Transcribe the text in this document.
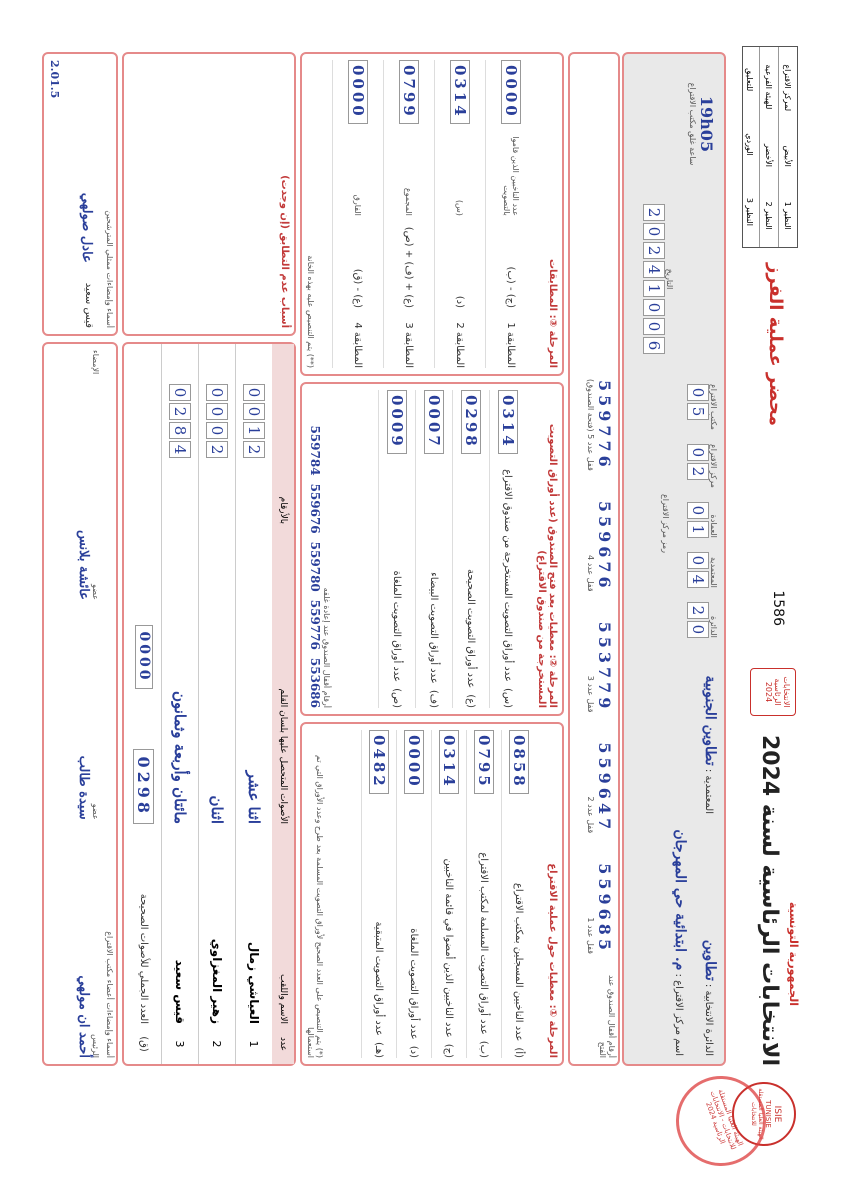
ISIE
TUNISIE
الهيئة العليا المستقلة للانتخابات
الجمهورية التونسية
الانتخابات الرئاسية لسنة 2024
الانتخابات الرئاسية 2024
1586
محضر عملية الفرز
النظير 1
الأبيض
لمركز الاقتراع
النظير 2
الأخضر
للهيئة الفرعية
النظير 3
الوردي
للتعليق
الهيئة العليا المستقلة للانتخابات - الانتخابات الرئاسية 2024
الدائرة الانتخابية : تطاوين
المعتمدية : تطاوين الجنوبية
اسم مركز الاقتراع : م. ابتدائية حي المهرجان
الدائرة
2
0
المعتمدية
0
4
العمادة
0
1
مركز الاقتراع
0
2
مكتب الاقتراع
0
5
رمز مركز الاقتراع
التاريخ
2
0
2
4
1
0
0
6
19h05
ساعة غلق مكتب الاقتراع
أرقام أقفال الصندوق عند الفتح
559685
قفل عدد 1
559647
قفل عدد 2
553779
قفل عدد 3
559676
قفل عدد 4
559776
قفل عدد 5 (فتحة الصندوق)
المرحلة ①: معطيات حول عملية الاقتراع
(أ)
عدد الناخبين المسجلين بمكتب الاقتراع
0858
(ب)
عدد أوراق التصويت المسلمة لمكتب الاقتراع
0795
(ج)
عدد الناخبين الذين أمضوا في قائمة الناخبين
0314
(د)
عدد أوراق التصويت الملغاة
0000
(هـ)
عدد أوراق التصويت المتبقية
0482
(*) يتم التنصيص على العدد الصحيح لأوراق التصويت المسلمة بعد طرح وعدد الأوراق التي تم استعمالها
المرحلة ②: معطيات بعد فتح الصندوق (عدد أوراق التصويت المستخرجة من صندوق الاقتراع)
(س)
عدد أوراق التصويت المستخرجة من صندوق الاقتراع
0314
(ع)
عدد أوراق التصويت الصحيحة
0298
(ف)
عدد أوراق التصويت البيضاء
0007
(ص)
عدد أوراق التصويت الملغاة
0009
أرقام أقفال الصندوق عند إعادة غلقه
553686
559776
559780
559676
559784
المرحلة ③: المطابقات
المطابقة 1
(ج) - (ب)
عدد الناخبين الذين قاموا بالتصويت
0000
المطابقة 2
(د)
(س)
0314
المطابقة 3
(ع) + (ف) + (ص)
المجموع
0799
المطابقة 4
(ع) - (ق)
الفارق
0000
(**) يتم التنصيص عليه بهذه الخانة
عدد
الاسم واللقب
الأصوات المتحصل عليها بلسان القلم
بالأرقام
1
العياشي زمال
اثنا عشر
0
0
1
2
2
زهير المغزاوي
اثنان
0
0
0
2
3
قيس سعيد
مائتان وأربعة وثمانون
0
2
8
4
(ق)
العدد الجملي للأصوات الصحيحة
0298
0000
أسباب عدم التطابق (إن وجدت)
أسماء وإمضاءات أعضاء مكتب الاقتراع
الرئيس
أحمد ان مولهي
عضو
سيدة طالب
عضو
عائشة بلانس
الإمضاء
أسماء وإمضاءات ممثلي المترشحين
قيس سعيد
عادل صولهي
2.01.5
